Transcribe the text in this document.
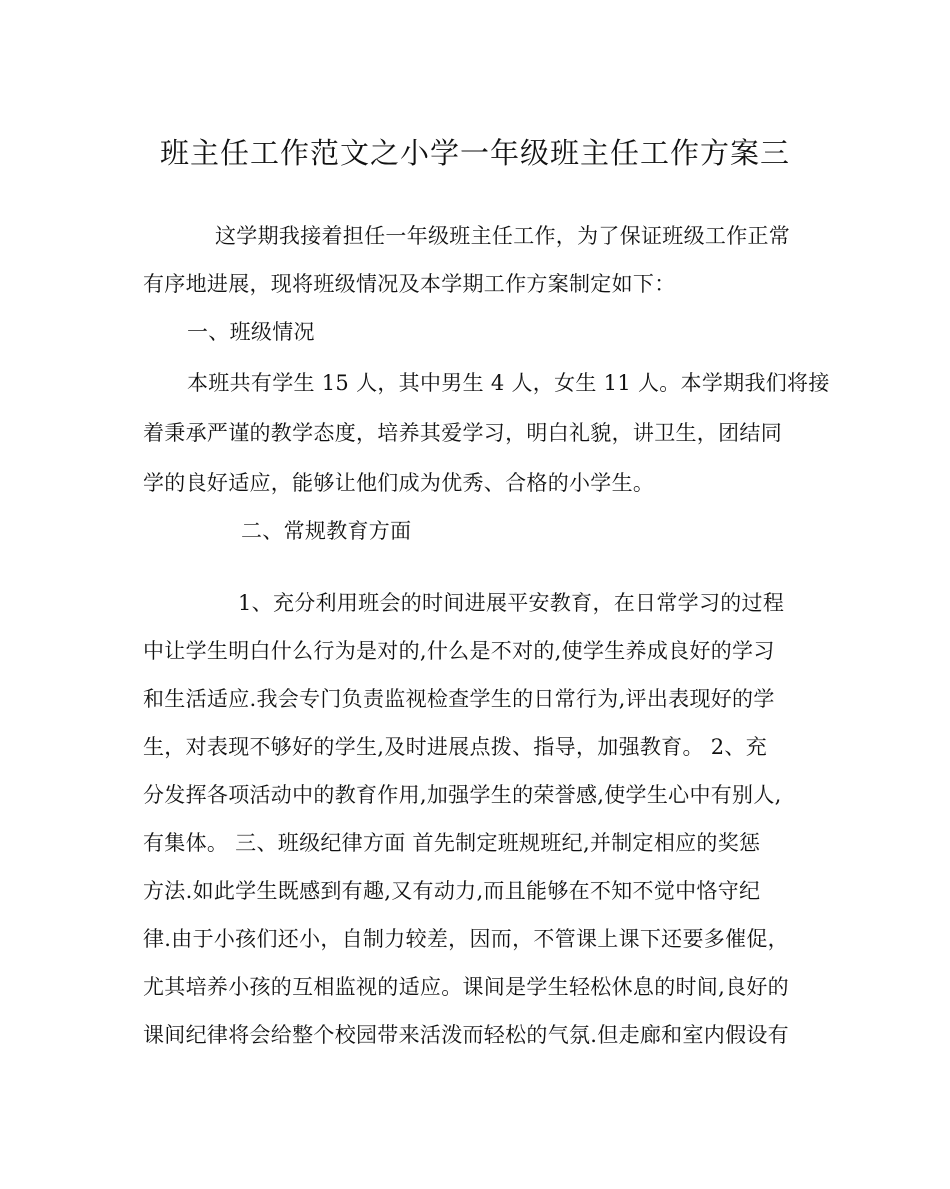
班主任工作范文之小学一年级班主任工作方案三
这学期我接着担任一年级班主任工作，为了保证班级工作正常
有序地进展，现将班级情况及本学期工作方案制定如下：
一、班级情况
本班共有学生 15 人，其中男生 4 人，女生 11 人。本学期我们将接
着秉承严谨的教学态度，培养其爱学习，明白礼貌，讲卫生，团结同
学的良好适应，能够让他们成为优秀、合格的小学生。
二、常规教育方面
1、充分利用班会的时间进展平安教育，在日常学习的过程
中让学生明白什么行为是对的,什么是不对的,使学生养成良好的学习
和生活适应.我会专门负责监视检查学生的日常行为,评出表现好的学
生，对表现不够好的学生,及时进展点拨、指导，加强教育。 2、充
分发挥各项活动中的教育作用,加强学生的荣誉感,使学生心中有别人,
有集体。 三、班级纪律方面 首先制定班规班纪,并制定相应的奖惩
方法.如此学生既感到有趣,又有动力,而且能够在不知不觉中恪守纪
律.由于小孩们还小，自制力较差，因而，不管课上课下还要多催促，
尤其培养小孩的互相监视的适应。课间是学生轻松休息的时间,良好的
课间纪律将会给整个校园带来活泼而轻松的气氛.但走廊和室内假设有
